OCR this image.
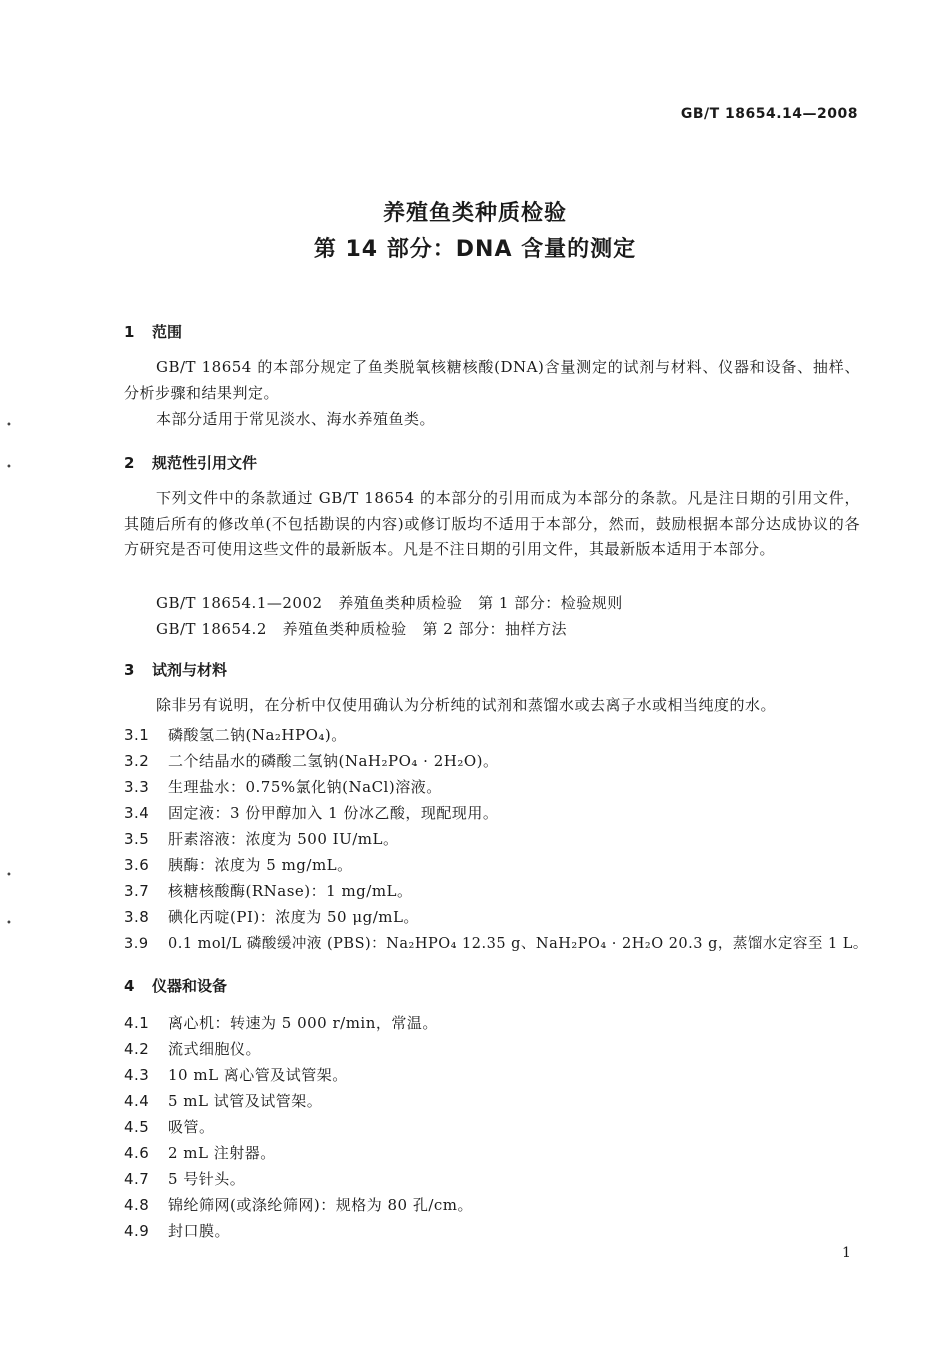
GB/T 18654.14—2008
养殖鱼类种质检验
第 14 部分：DNA 含量的测定
1 范围
GB/T 18654 的本部分规定了鱼类脱氧核糖核酸(DNA)含量测定的试剂与材料、仪器和设备、抽样、分析步骤和结果判定。
本部分适用于常见淡水、海水养殖鱼类。
2 规范性引用文件
下列文件中的条款通过 GB/T 18654 的本部分的引用而成为本部分的条款。凡是注日期的引用文件，其随后所有的修改单(不包括勘误的内容)或修订版均不适用于本部分，然而，鼓励根据本部分达成协议的各方研究是否可使用这些文件的最新版本。凡是不注日期的引用文件，其最新版本适用于本部分。
GB/T 18654.1—2002   养殖鱼类种质检验   第 1 部分：检验规则
GB/T 18654.2   养殖鱼类种质检验   第 2 部分：抽样方法
3 试剂与材料
除非另有说明，在分析中仅使用确认为分析纯的试剂和蒸馏水或去离子水或相当纯度的水。
3.1 磷酸氢二钠(Na₂HPO₄)。
3.2 二个结晶水的磷酸二氢钠(NaH₂PO₄ · 2H₂O)。
3.3 生理盐水：0.75%氯化钠(NaCl)溶液。
3.4 固定液：3 份甲醇加入 1 份冰乙酸，现配现用。
3.5 肝素溶液：浓度为 500 IU/mL。
3.6 胰酶：浓度为 5 mg/mL。
3.7 核糖核酸酶(RNase)：1 mg/mL。
3.8 碘化丙啶(PI)：浓度为 50 μg/mL。
3.9 0.1 mol/L 磷酸缓冲液 (PBS)：Na₂HPO₄ 12.35 g、NaH₂PO₄ · 2H₂O 20.3 g，蒸馏水定容至 1 L。
4 仪器和设备
4.1 离心机：转速为 5 000 r/min，常温。
4.2 流式细胞仪。
4.3 10 mL 离心管及试管架。
4.4 5 mL 试管及试管架。
4.5 吸管。
4.6 2 mL 注射器。
4.7 5 号针头。
4.8 锦纶筛网(或涤纶筛网)：规格为 80 孔/cm。
4.9 封口膜。
1
•
•
•
•
